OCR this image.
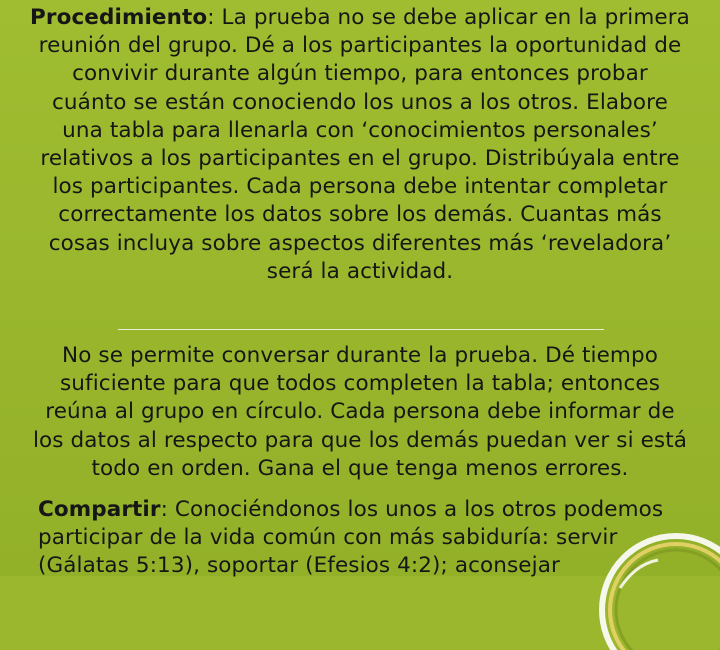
Procedimiento: La prueba no se debe aplicar en la primera
reunión del grupo. Dé a los participantes la oportunidad de
convivir durante algún tiempo, para entonces probar
cuánto se están conociendo los unos a los otros. Elabore
una tabla para llenarla con ‘conocimientos personales’
relativos a los participantes en el grupo. Distribúyala entre
los participantes. Cada persona debe intentar completar
correctamente los datos sobre los demás. Cuantas más
cosas incluya sobre aspectos diferentes más ‘reveladora’
será la actividad.
No se permite conversar durante la prueba. Dé tiempo
suficiente para que todos completen la tabla; entonces
reúna al grupo en círculo. Cada persona debe informar de
los datos al respecto para que los demás puedan ver si está
todo en orden. Gana el que tenga menos errores.
Compartir: Conociéndonos los unos a los otros podemos
participar de la vida común con más sabiduría: servir
(Gálatas 5:13), soportar (Efesios 4:2); aconsejar
